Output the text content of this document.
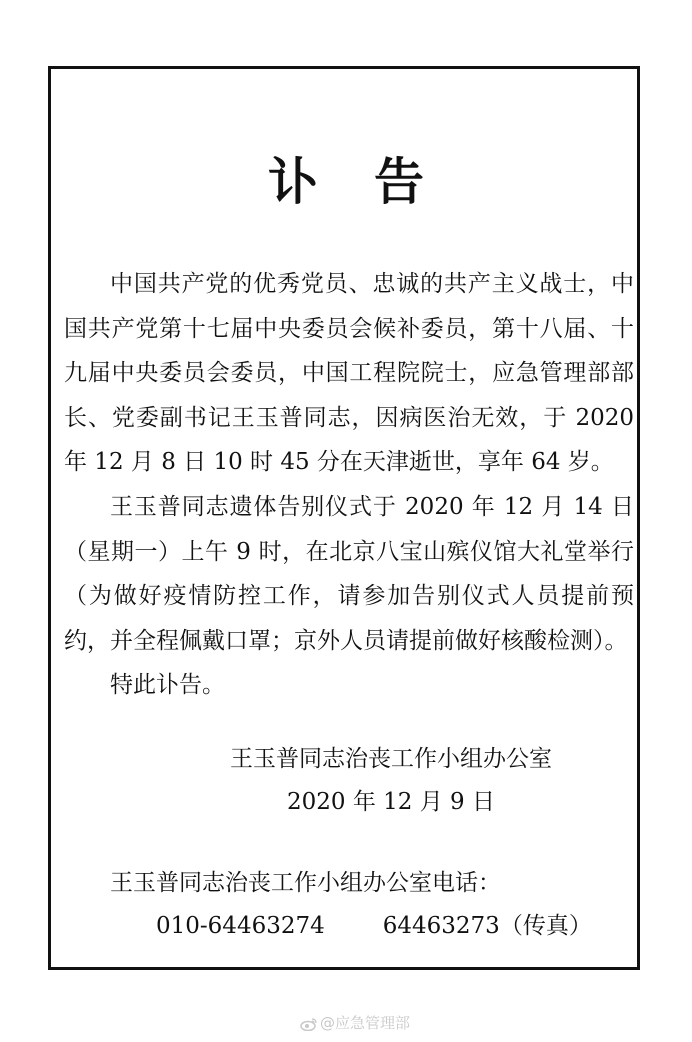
讣告

中国共产党的优秀党员、忠诚的共产主义战士，中国共产党第十七届中央委员会候补委员，第十八届、十九届中央委员会委员，中国工程院院士，应急管理部部长、党委副书记王玉普同志，因病医治无效，于 2020 年 12 月 8 日 10 时 45 分在天津逝世，享年 64 岁。

王玉普同志遗体告别仪式于 2020 年 12 月 14 日（星期一）上午 9 时，在北京八宝山殡仪馆大礼堂举行（为做好疫情防控工作，请参加告别仪式人员提前预约，并全程佩戴口罩；京外人员请提前做好核酸检测）。

特此讣告。

王玉普同志治丧工作小组办公室

2020 年 12 月 9 日

王玉普同志治丧工作小组办公室电话：

010-64463274	64463273（传真）

@应急管理部
